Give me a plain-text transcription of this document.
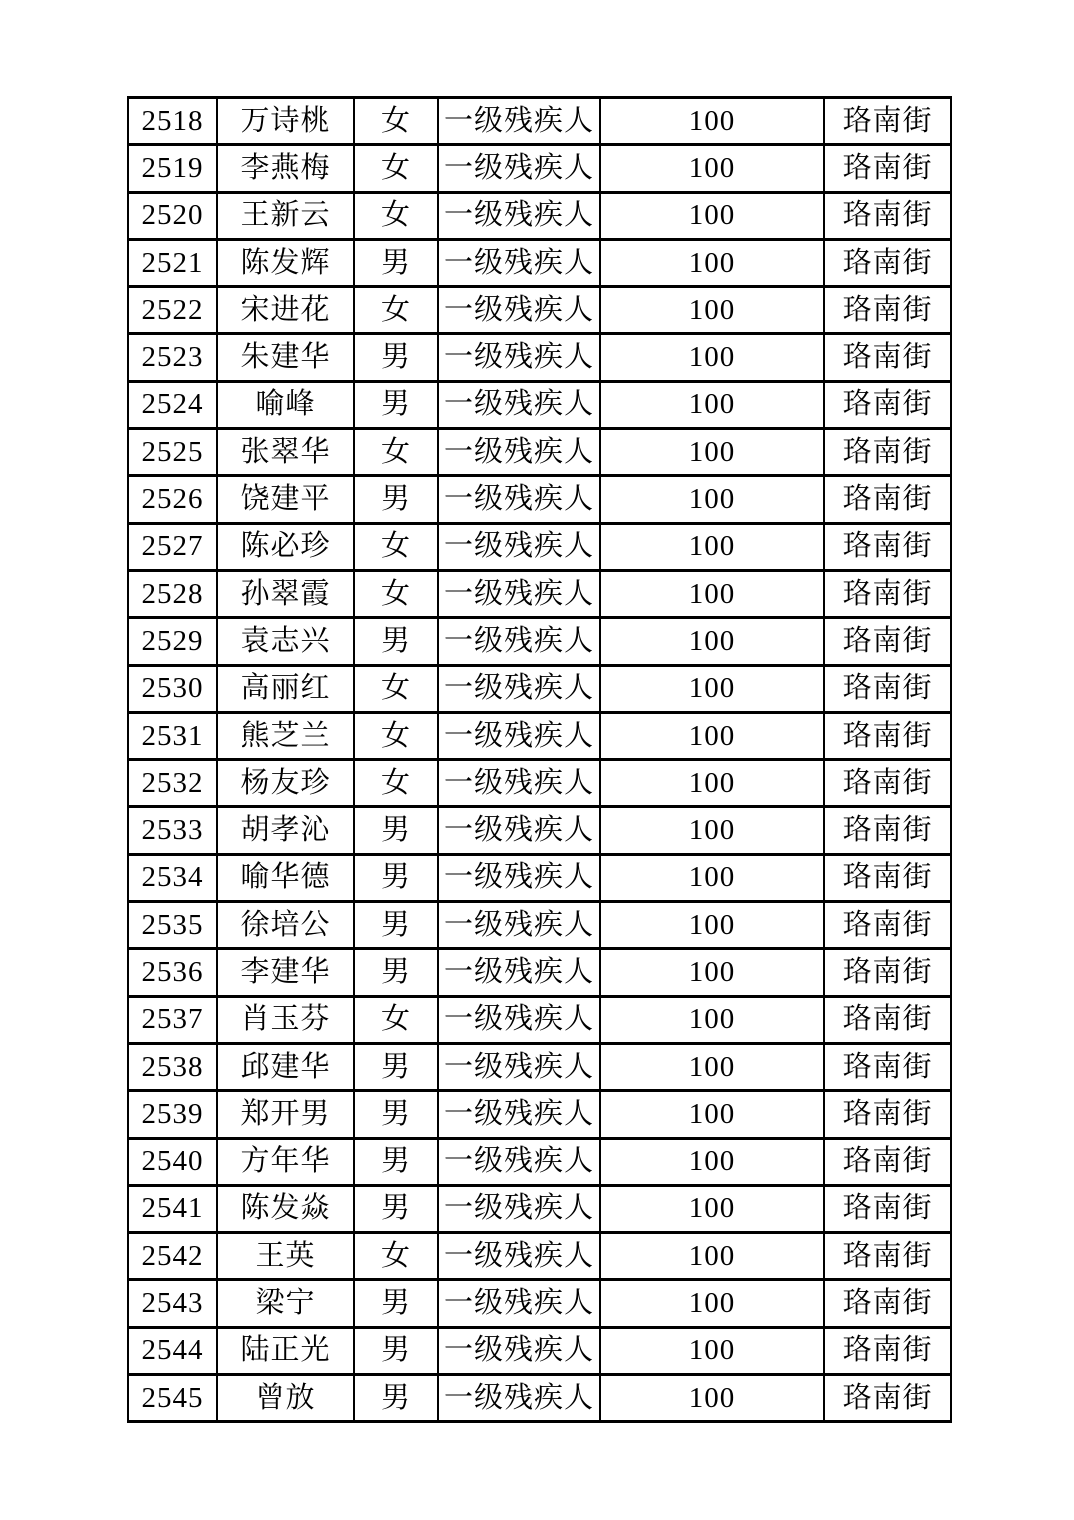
2518	万诗桃	女	一级残疾人	100	珞南街
2519	李燕梅	女	一级残疾人	100	珞南街
2520	王新云	女	一级残疾人	100	珞南街
2521	陈发辉	男	一级残疾人	100	珞南街
2522	宋进花	女	一级残疾人	100	珞南街
2523	朱建华	男	一级残疾人	100	珞南街
2524	喻峰	男	一级残疾人	100	珞南街
2525	张翠华	女	一级残疾人	100	珞南街
2526	饶建平	男	一级残疾人	100	珞南街
2527	陈必珍	女	一级残疾人	100	珞南街
2528	孙翠霞	女	一级残疾人	100	珞南街
2529	袁志兴	男	一级残疾人	100	珞南街
2530	高丽红	女	一级残疾人	100	珞南街
2531	熊芝兰	女	一级残疾人	100	珞南街
2532	杨友珍	女	一级残疾人	100	珞南街
2533	胡孝沁	男	一级残疾人	100	珞南街
2534	喻华德	男	一级残疾人	100	珞南街
2535	徐培公	男	一级残疾人	100	珞南街
2536	李建华	男	一级残疾人	100	珞南街
2537	肖玉芬	女	一级残疾人	100	珞南街
2538	邱建华	男	一级残疾人	100	珞南街
2539	郑开男	男	一级残疾人	100	珞南街
2540	方年华	男	一级残疾人	100	珞南街
2541	陈发焱	男	一级残疾人	100	珞南街
2542	王英	女	一级残疾人	100	珞南街
2543	梁宁	男	一级残疾人	100	珞南街
2544	陆正光	男	一级残疾人	100	珞南街
2545	曾放	男	一级残疾人	100	珞南街
